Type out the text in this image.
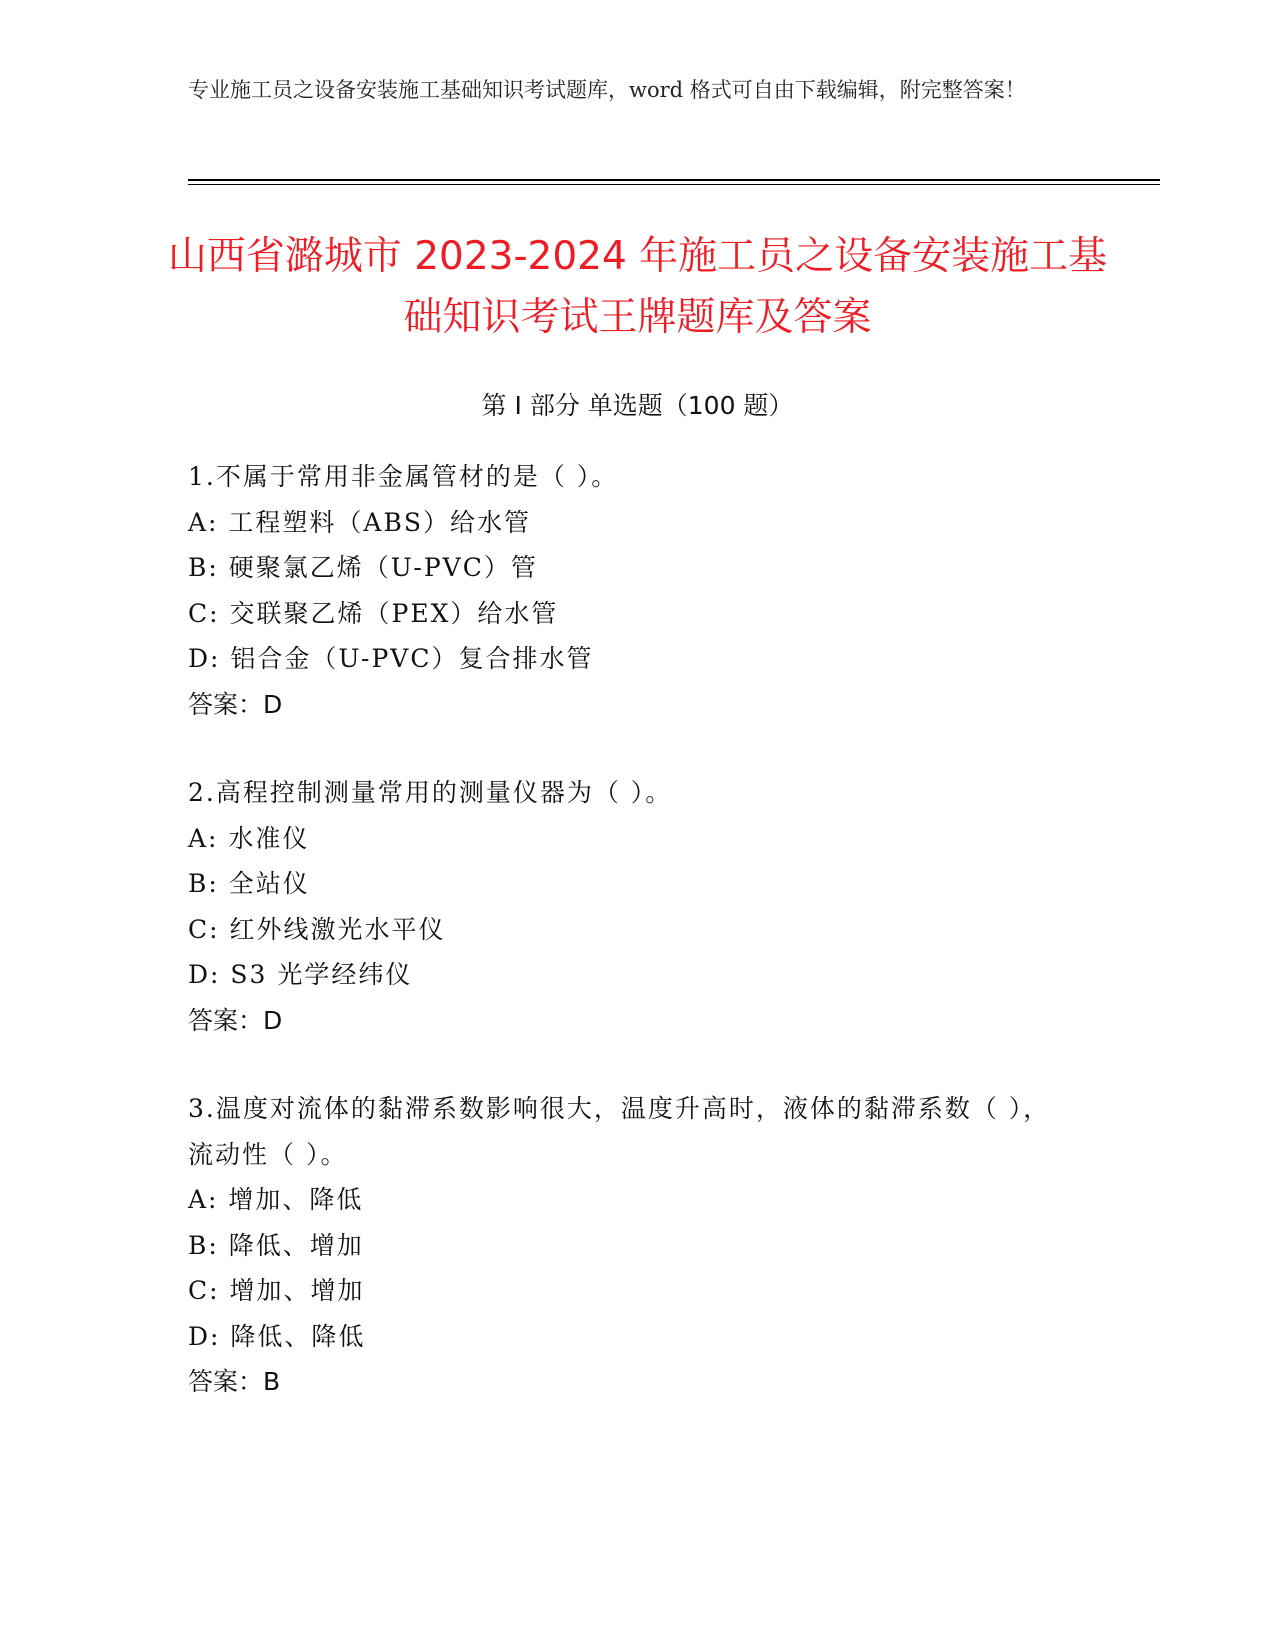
专业施工员之设备安装施工基础知识考试题库，word 格式可自由下载编辑，附完整答案！
山西省潞城市 2023-2024 年施工员之设备安装施工基础知识考试王牌题库及答案
第 I 部分 单选题（100 题）
1.不属于常用非金属管材的是（ ）。
A: 工程塑料（ABS）给水管
B: 硬聚氯乙烯（U-PVC）管
C: 交联聚乙烯（PEX）给水管
D: 铝合金（U-PVC）复合排水管
答案：D
2.高程控制测量常用的测量仪器为（ ）。
A: 水准仪
B: 全站仪
C: 红外线激光水平仪
D: S3 光学经纬仪
答案：D
3.温度对流体的黏滞系数影响很大，温度升高时，液体的黏滞系数（ ），流动性（ ）。
A: 增加、降低
B: 降低、增加
C: 增加、增加
D: 降低、降低
答案：B
